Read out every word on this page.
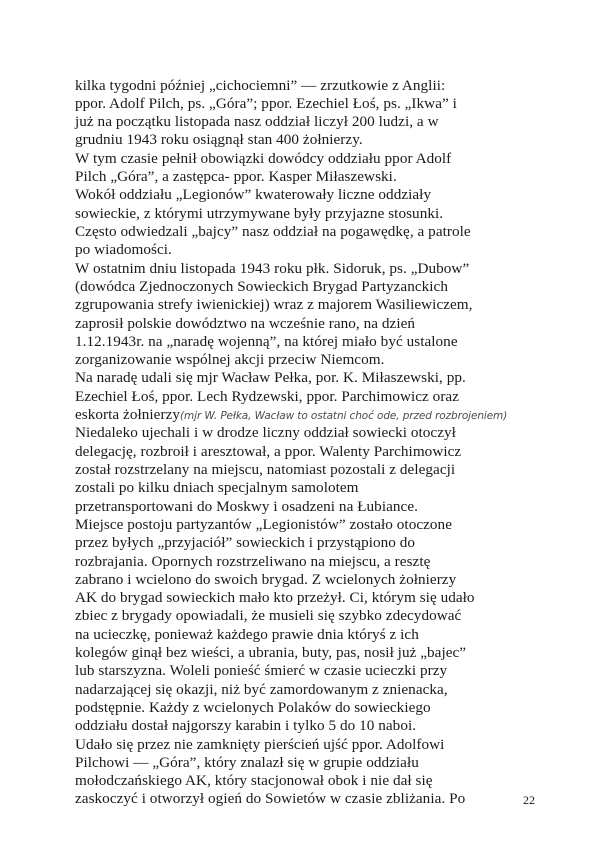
kilka tygodni później „cichociemni” — zrzutkowie z Anglii:
ppor. Adolf Pilch, ps. „Góra”; ppor. Ezechiel Łoś, ps. „Ikwa” i
już na początku listopada nasz oddział liczył 200 ludzi, a w
grudniu 1943 roku osiągnął stan 400 żołnierzy.
W tym czasie pełnił obowiązki dowódcy oddziału ppor Adolf
Pilch „Góra”, a zastępca- ppor. Kasper Miłaszewski.
Wokół oddziału „Legionów” kwaterowały liczne oddziały
sowieckie, z którymi utrzymywane były przyjazne stosunki.
Często odwiedzali „bajcy” nasz oddział na pogawędkę, a patrole
po wiadomości.
W ostatnim dniu listopada 1943 roku płk. Sidoruk, ps. „Dubow”
(dowódca Zjednoczonych Sowieckich Brygad Partyzanckich
zgrupowania strefy iwienickiej) wraz z majorem Wasiliewiczem,
zaprosił polskie dowództwo na wcześnie rano, na dzień
1.12.1943r. na „naradę wojenną”, na której miało być ustalone
zorganizowanie wspólnej akcji przeciw Niemcom.
Na naradę udali się mjr Wacław Pełka, por. K. Miłaszewski, pp.
Ezechiel Łoś, ppor. Lech Rydzewski, ppor. Parchimowicz oraz
eskorta żołnierzy(mjr W. Pełka, Wacław to ostatni choć ode, przed rozbrojeniem)
Niedaleko ujechali i w drodze liczny oddział sowiecki otoczył
delegację, rozbroił i aresztował, a ppor. Walenty Parchimowicz
został rozstrzelany na miejscu, natomiast pozostali z delegacji
zostali po kilku dniach specjalnym samolotem
przetransportowani do Moskwy i osadzeni na Łubiance.
Miejsce postoju partyzantów „Legionistów” zostało otoczone
przez byłych „przyjaciół” sowieckich i przystąpiono do
rozbrajania. Opornych rozstrzeliwano na miejscu, a resztę
zabrano i wcielono do swoich brygad. Z wcielonych żołnierzy
AK do brygad sowieckich mało kto przeżył. Ci, którym się udało
zbiec z brygady opowiadali, że musieli się szybko zdecydować
na ucieczkę, ponieważ każdego prawie dnia któryś z ich
kolegów ginął bez wieści, a ubrania, buty, pas, nosił już „bajec”
lub starszyzna. Woleli ponieść śmierć w czasie ucieczki przy
nadarzającej się okazji, niż być zamordowanym z znienacka,
podstępnie. Każdy z wcielonych Polaków do sowieckiego
oddziału dostał najgorszy karabin i tylko 5 do 10 naboi.
Udało się przez nie zamknięty pierścień ujść ppor. Adolfowi
Pilchowi — „Góra”, który znalazł się w grupie oddziału
mołodczańskiego AK, który stacjonował obok i nie dał się
zaskoczyć i otworzył ogień do Sowietów w czasie zbliżania. Po	22
